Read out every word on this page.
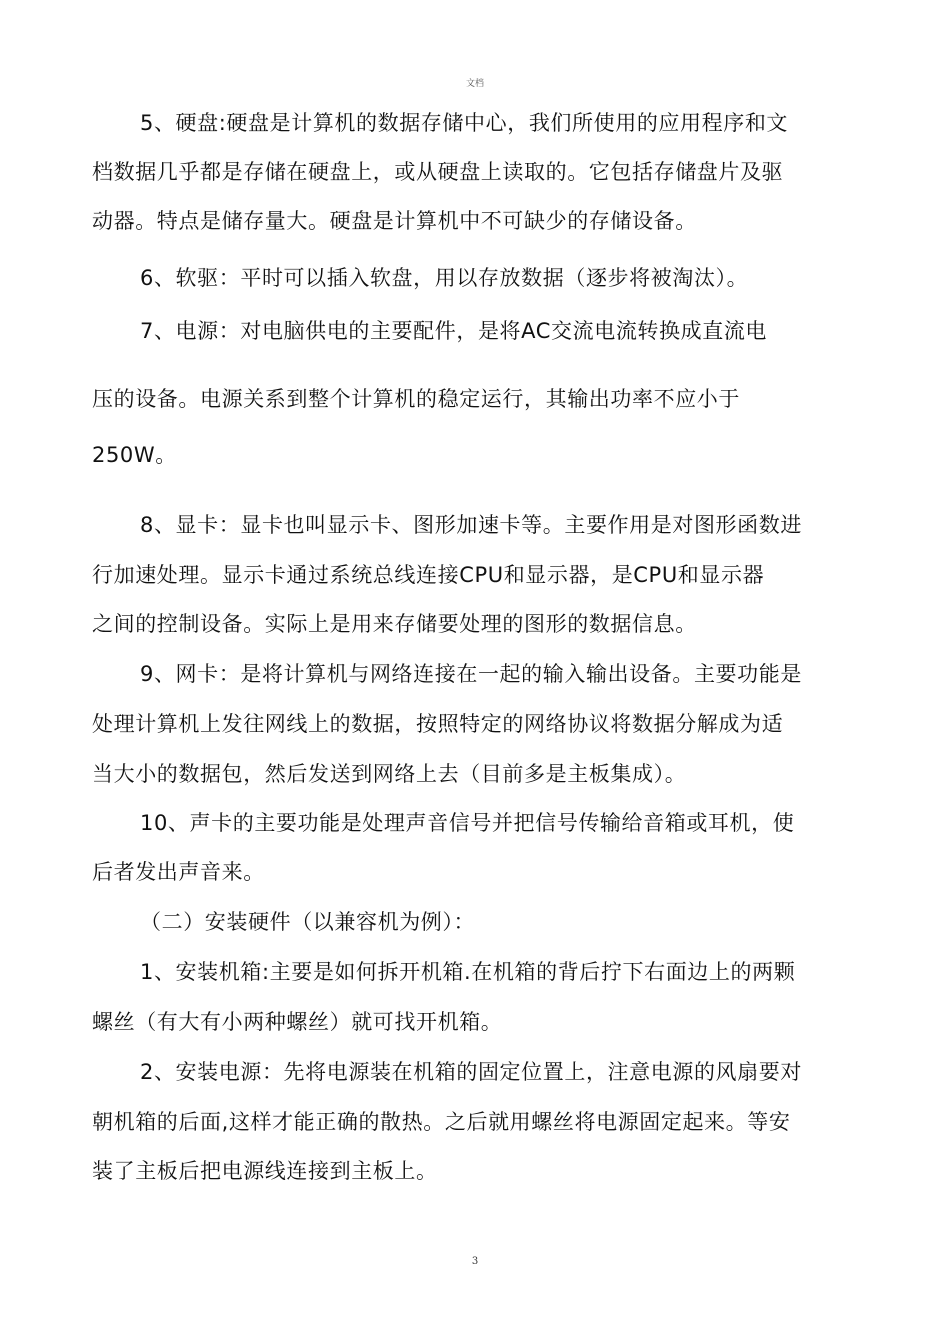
文档
5、硬盘:硬盘是计算机的数据存储中心，我们所使用的应用程序和文
档数据几乎都是存储在硬盘上，或从硬盘上读取的。它包括存储盘片及驱
动器。特点是储存量大。硬盘是计算机中不可缺少的存储设备。
6、软驱：平时可以插入软盘，用以存放数据（逐步将被淘汰）。
7、电源：对电脑供电的主要配件，是将AC交流电流转换成直流电
压的设备。电源关系到整个计算机的稳定运行，其输出功率不应小于
250W。
8、显卡：显卡也叫显示卡、图形加速卡等。主要作用是对图形函数进
行加速处理。显示卡通过系统总线连接CPU和显示器，是CPU和显示器
之间的控制设备。实际上是用来存储要处理的图形的数据信息。
9、网卡：是将计算机与网络连接在一起的输入输出设备。主要功能是
处理计算机上发往网线上的数据，按照特定的网络协议将数据分解成为适
当大小的数据包，然后发送到网络上去（目前多是主板集成）。
10、声卡的主要功能是处理声音信号并把信号传输给音箱或耳机，使
后者发出声音来。
（二）安装硬件（以兼容机为例）：
1、安装机箱:主要是如何拆开机箱.在机箱的背后拧下右面边上的两颗
螺丝（有大有小两种螺丝）就可找开机箱。
2、安装电源：先将电源装在机箱的固定位置上，注意电源的风扇要对
朝机箱的后面,这样才能正确的散热。之后就用螺丝将电源固定起来。等安
装了主板后把电源线连接到主板上。
3
